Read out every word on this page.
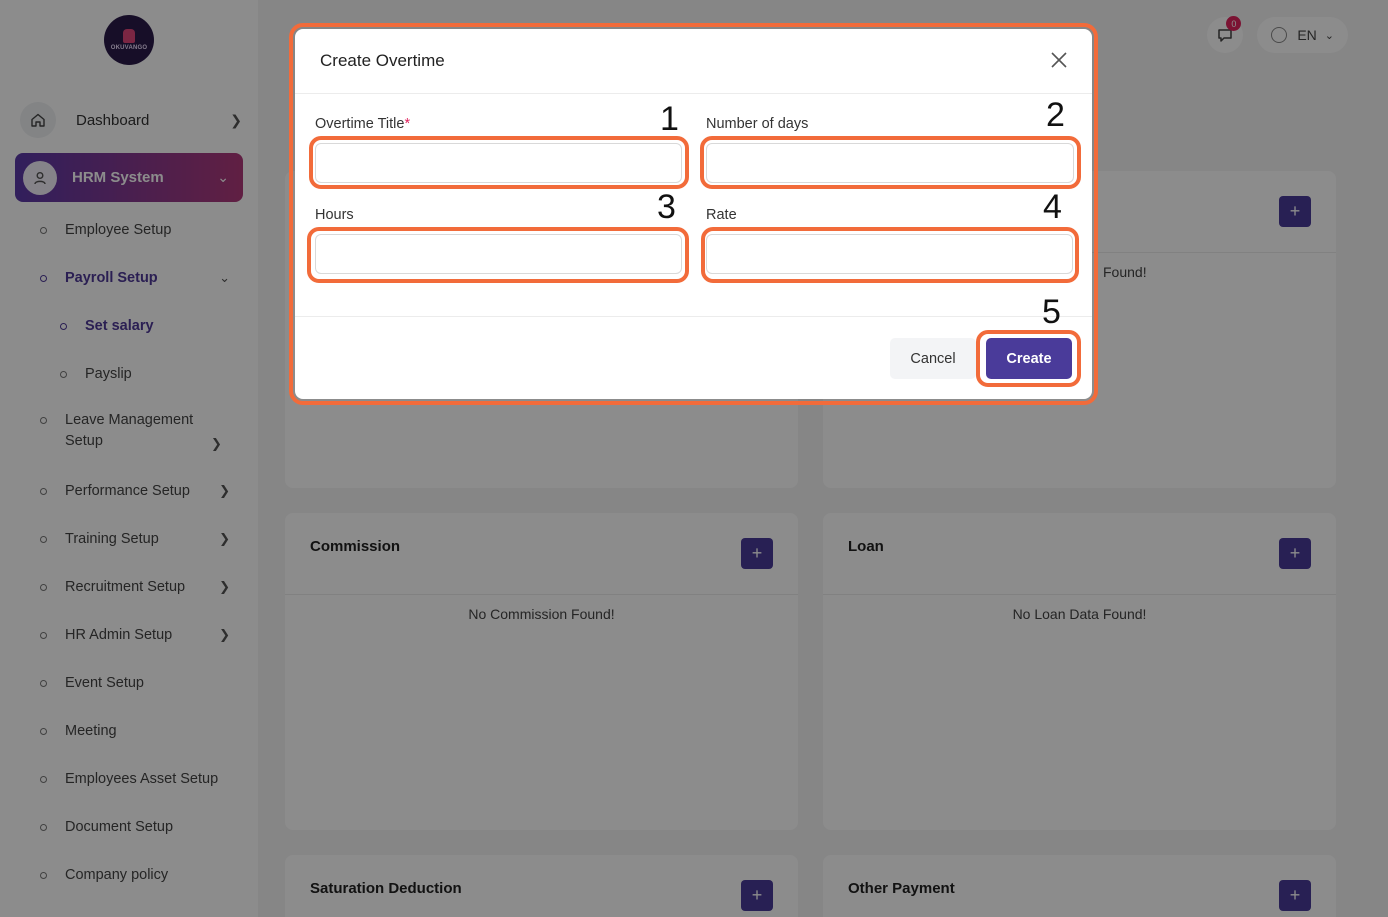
OKUVANGO
Dashboard	❯
HRM System	⌄
Employee Setup
Payroll Setup	⌄
Set salary
Payslip
Leave Management Setup	❯
Performance Setup	❯
Training Setup	❯
Recruitment Setup	❯
HR Admin Setup	❯
Event Setup
Meeting
Employees Asset Setup
Document Setup
Company policy
0
EN ⌄
+
Found!
Commission	+
No Commission Found!
Loan	+
No Loan Data Found!
Saturation Deduction	+	Other Payment	+
Create Overtime
Overtime Title*	Number of days
Hours	Rate
Cancel	Create
1	2
3	4
5
